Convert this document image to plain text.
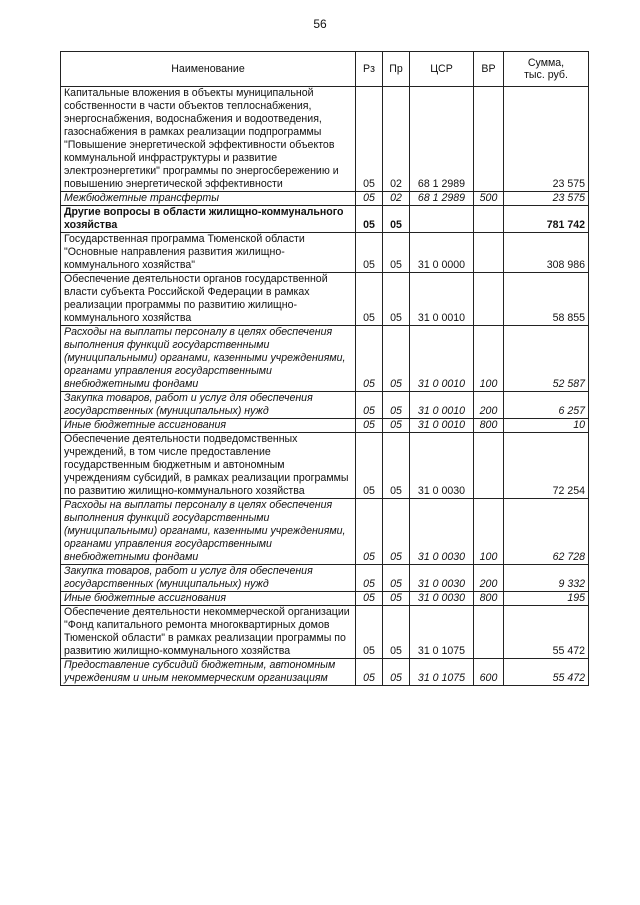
56
Наименование	Рз	Пр	ЦСР	ВР	Сумма,
тыс. руб.
Капитальные вложения в объекты муниципальной собственности в части объектов теплоснабжения, энергоснабжения, водоснабжения и водоотведения, газоснабжения в рамках реализации подпрограммы "Повышение энергетической эффективности объектов коммунальной инфраструктуры и развитие электроэнергетики" программы по энергосбережению и повышению энергетической эффективности	05	02	68 1 2989		23 575
Межбюджетные трансферты	05	02	68 1 2989	500	23 575
Другие вопросы в области жилищно-коммунального хозяйства	05	05			781 742
Государственная программа Тюменской области "Основные направления развития жилищно-коммунального хозяйства"	05	05	31 0 0000		308 986
Обеспечение деятельности органов государственной власти субъекта Российской Федерации в рамках реализации программы по развитию жилищно-коммунального хозяйства	05	05	31 0 0010		58 855
Расходы на выплаты персоналу в целях обеспечения выполнения функций государственными (муниципальными) органами, казенными учреждениями, органами управления государственными внебюджетными фондами	05	05	31 0 0010	100	52 587
Закупка товаров, работ и услуг для обеспечения государственных (муниципальных) нужд	05	05	31 0 0010	200	6 257
Иные бюджетные ассигнования	05	05	31 0 0010	800	10
Обеспечение деятельности подведомственных учреждений, в том числе предоставление государственным бюджетным и автономным учреждениям субсидий, в рамках реализации программы по развитию жилищно-коммунального хозяйства	05	05	31 0 0030		72 254
Расходы на выплаты персоналу в целях обеспечения выполнения функций государственными (муниципальными) органами, казенными учреждениями, органами управления государственными внебюджетными фондами	05	05	31 0 0030	100	62 728
Закупка товаров, работ и услуг для обеспечения государственных (муниципальных) нужд	05	05	31 0 0030	200	9 332
Иные бюджетные ассигнования	05	05	31 0 0030	800	195
Обеспечение деятельности некоммерческой организации "Фонд капитального ремонта многоквартирных домов Тюменской области" в рамках реализации программы по развитию жилищно-коммунального хозяйства	05	05	31 0 1075		55 472
Предоставление субсидий бюджетным, автономным учреждениям и иным некоммерческим организациям	05	05	31 0 1075	600	55 472
